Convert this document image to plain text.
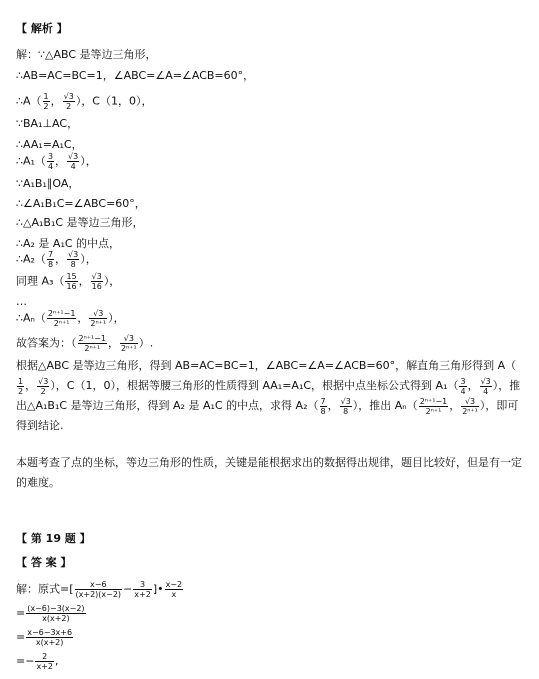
【 解析 】
解：∵△ABC 是等边三角形，
∴AB=AC=BC=1，∠ABC=∠A=∠ACB=60°，
∴A（ $\frac{1}{2}$ ， $\frac{√3}{2}$ ），C（1，0），
∵BA₁⊥AC，
∴AA₁=A₁C，
∴A₁（ $\frac{3}{4}$ ， $\frac{√3}{4}$ ），
∵A₁B₁∥OA，
∴∠A₁B₁C=∠ABC=60°，
∴△A₁B₁C 是等边三角形，
∴A₂ 是 A₁C 的中点，
∴A₂（ $\frac{7}{8}$ ， $\frac{√3}{8}$ ），
同理 $A_3( \frac{15}{16}$ ， $\frac{√3}{16}$ ），
…
∴Aₙ（ $\frac{\text{2ⁿ⁺¹−1}}{\text{2ⁿ⁺¹}}$ ， $\frac{√3}{\text{2ⁿ⁺¹}}$ ），
故答案为：（ $\frac{\text{2ⁿ⁺¹−1}}{\text{2ⁿ⁺¹}}$ ， $\frac{√3}{\text{2ⁿ⁺¹}}$ ）.
根据△ABC 是等边三角形，得到 AB=AC=BC=1，∠ABC=∠A=∠ACB=60°，解直角三角形得到 A（
$\frac{1}{2}$ ， $\frac{√3}{2}$ ），C（1，0），根据等腰三角形的性质得到 AA₁=A₁C，根据中点坐标公式得到 $A_1( \frac{3}{4}$ ， $\frac{√3}{4}$ ），推出△A₁B₁C 是等边三角形，得到 A₂ 是 A₁C 的中点，求得 $A_2( \frac{7}{8}$ ， $\frac{√3}{8}$ ），推出 $A_n( \frac{\text{2ⁿ⁺¹−1}}{\text{2ⁿ⁺¹}}$ ， $\frac{√3}{\text{2ⁿ⁺¹}}$ ），即可得到结论.
本题考查了点的坐标，等边三角形的性质，关键是能根据求出的数据得出规律，题目比较好，但是有一定的难度。
【 第 19 题 】
【 答 案 】
解：原式=[ $\frac{x-6}{(x+2)(x-2)} - \frac{3}{x+2}$ ]• $\frac{x-2}{x}$
= $\frac{(x-6)-3(x-2)}{x(x+2)}$
= $\frac{x-6-3x+6}{x(x+2)}$
=− $\frac{2}{x+2}$ ,
